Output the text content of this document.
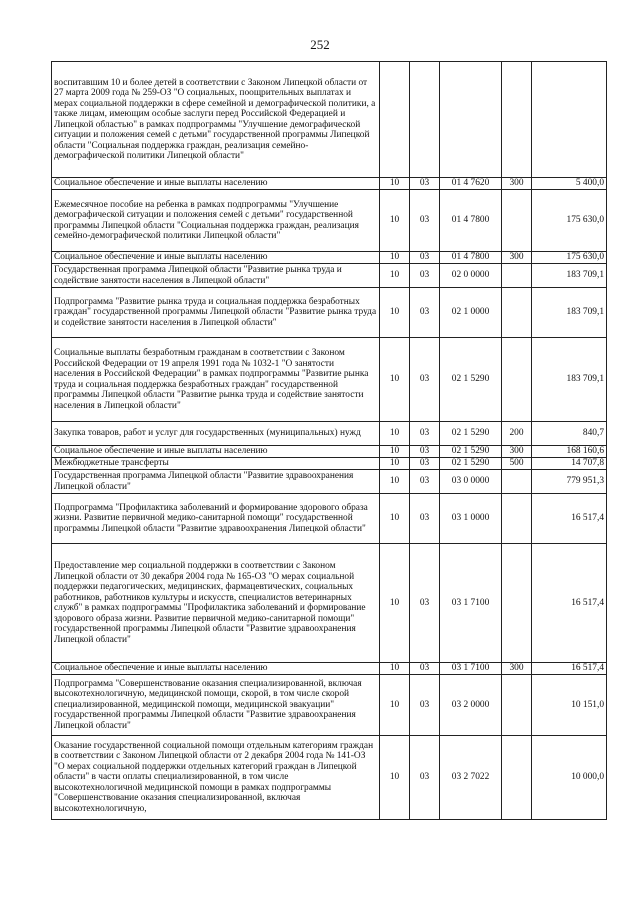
252
воспитавшим 10 и более детей в соответствии с Законом Липецкой области от 27 марта 2009 года № 259-ОЗ "О социальных, поощрительных выплатах и мерах социальной поддержки в сфере семейной и демографической политики, а также лицам, имеющим особые заслуги перед Российской Федерацией и Липецкой областью" в рамках подпрограммы "Улучшение демографической ситуации и положения семей с детьми" государственной программы Липецкой области "Социальная поддержка граждан, реализация семейно-демографической политики Липецкой области"					
Социальное обеспечение и иные выплаты населению	10	03	01 4 7620	300	5 400,0
Ежемесячное пособие на ребенка в рамках подпрограммы "Улучшение демографической ситуации и положения семей с детьми" государственной программы Липецкой области "Социальная поддержка граждан, реализация семейно-демографической политики Липецкой области"	10	03	01 4 7800		175 630,0
Социальное обеспечение и иные выплаты населению	10	03	01 4 7800	300	175 630,0
Государственная программа Липецкой области "Развитие рынка труда и содействие занятости населения в Липецкой области"	10	03	02 0 0000		183 709,1
Подпрограмма "Развитие рынка труда и социальная поддержка безработных граждан" государственной программы Липецкой области "Развитие рынка труда и содействие занятости населения в Липецкой области"	10	03	02 1 0000		183 709,1
Социальные выплаты безработным гражданам в соответствии с Законом Российской Федерации от 19 апреля 1991 года № 1032-1 "О занятости населения в Российской Федерации" в рамках подпрограммы "Развитие рынка труда и социальная поддержка безработных граждан" государственной программы Липецкой области "Развитие рынка труда и содействие занятости населения в Липецкой области"	10	03	02 1 5290		183 709,1
Закупка товаров, работ и услуг для государственных (муниципальных) нужд	10	03	02 1 5290	200	840,7
Социальное обеспечение и иные выплаты населению	10	03	02 1 5290	300	168 160,6
Межбюджетные трансферты	10	03	02 1 5290	500	14 707,8
Государственная программа Липецкой области "Развитие здравоохранения Липецкой области"	10	03	03 0 0000		779 951,3
Подпрограмма "Профилактика заболеваний и формирование здорового образа жизни. Развитие первичной медико-санитарной помощи" государственной программы Липецкой области "Развитие здравоохранения Липецкой области"	10	03	03 1 0000		16 517,4
Предоставление мер социальной поддержки в соответствии с Законом Липецкой области от 30 декабря 2004 года № 165-ОЗ "О мерах социальной поддержки педагогических, медицинских, фармацевтических, социальных работников, работников культуры и искусств, специалистов ветеринарных служб" в рамках подпрограммы "Профилактика заболеваний и формирование здорового образа жизни. Развитие первичной медико-санитарной помощи" государственной программы Липецкой области "Развитие здравоохранения Липецкой области"	10	03	03 1 7100		16 517,4
Социальное обеспечение и иные выплаты населению	10	03	03 1 7100	300	16 517,4
Подпрограмма "Совершенствование оказания специализированной, включая высокотехнологичную, медицинской помощи, скорой, в том числе скорой специализированной, медицинской помощи, медицинской эвакуации" государственной программы Липецкой области "Развитие здравоохранения Липецкой области"	10	03	03 2 0000		10 151,0
Оказание государственной социальной помощи отдельным категориям граждан в соответствии с Законом Липецкой области от 2 декабря 2004 года № 141-ОЗ "О мерах социальной поддержки отдельных категорий граждан в Липецкой области" в части оплаты специализированной, в том числе высокотехнологичной медицинской помощи в рамках подпрограммы "Совершенствование оказания специализированной, включая высокотехнологичную,	10	03	03 2 7022		10 000,0
